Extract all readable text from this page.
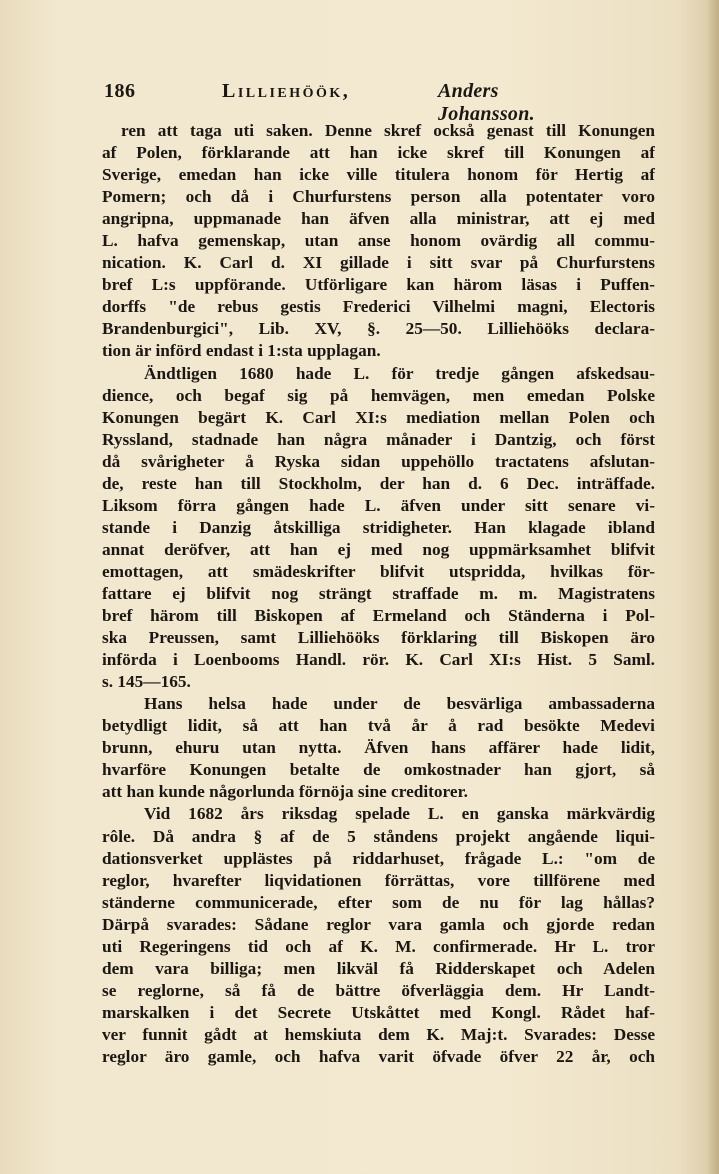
186	Lilliehöök,	Anders Johansson.
ren att taga uti saken. Denne skref också genast till Konungen
af Polen, förklarande att han icke skref till Konungen af
Sverige, emedan han icke ville titulera honom för Hertig af
Pomern; och då i Churfurstens person alla potentater voro
angripna, uppmanade han äfven alla ministrar, att ej med
L. hafva gemenskap, utan anse honom ovärdig all commu-
nication. K. Carl d. XI gillade i sitt svar på Churfurstens
bref L:s uppförande. Utförligare kan härom läsas i Puffen-
dorffs "de rebus gestis Frederici Vilhelmi magni, Electoris
Brandenburgici", Lib. XV, §. 25—50. Lilliehööks declara-
tion är införd endast i 1:sta upplagan.
Ändtligen 1680 hade L. för tredje gången afskedsau-
dience, och begaf sig på hemvägen, men emedan Polske
Konungen begärt K. Carl XI:s mediation mellan Polen och
Ryssland, stadnade han några månader i Dantzig, och först
då svårigheter å Ryska sidan uppehöllo tractatens afslutan-
de, reste han till Stockholm, der han d. 6 Dec. inträffade.
Liksom förra gången hade L. äfven under sitt senare vi-
stande i Danzig åtskilliga stridigheter. Han klagade ibland
annat deröfver, att han ej med nog uppmärksamhet blifvit
emottagen, att smädeskrifter blifvit utspridda, hvilkas för-
fattare ej blifvit nog strängt straffade m. m. Magistratens
bref härom till Biskopen af Ermeland och Ständerna i Pol-
ska Preussen, samt Lilliehööks förklaring till Biskopen äro
införda i Loenbooms Handl. rör. K. Carl XI:s Hist. 5 Saml.
s. 145—165.
Hans helsa hade under de besvärliga ambassaderna
betydligt lidit, så att han två år å rad besökte Medevi
brunn, ehuru utan nytta. Äfven hans affärer hade lidit,
hvarföre Konungen betalte de omkostnader han gjort, så
att han kunde någorlunda förnöja sine creditorer.
Vid 1682 års riksdag spelade L. en ganska märkvärdig
rôle. Då andra § af de 5 ståndens projekt angående liqui-
dationsverket upplästes på riddarhuset, frågade L.: "om de
reglor, hvarefter liqvidationen förrättas, vore tillförene med
ständerne communicerade, efter som de nu för lag hållas?
Därpå svarades: Sådane reglor vara gamla och gjorde redan
uti Regeringens tid och af K. M. confirmerade. Hr L. tror
dem vara billiga; men likväl få Ridderskapet och Adelen
se reglorne, så få de bättre öfverläggia dem. Hr Landt-
marskalken i det Secrete Utskåttet med Kongl. Rådet haf-
ver funnit gådt at hemskiuta dem K. Maj:t. Svarades: Desse
reglor äro gamle, och hafva varit öfvade öfver 22 år, och
